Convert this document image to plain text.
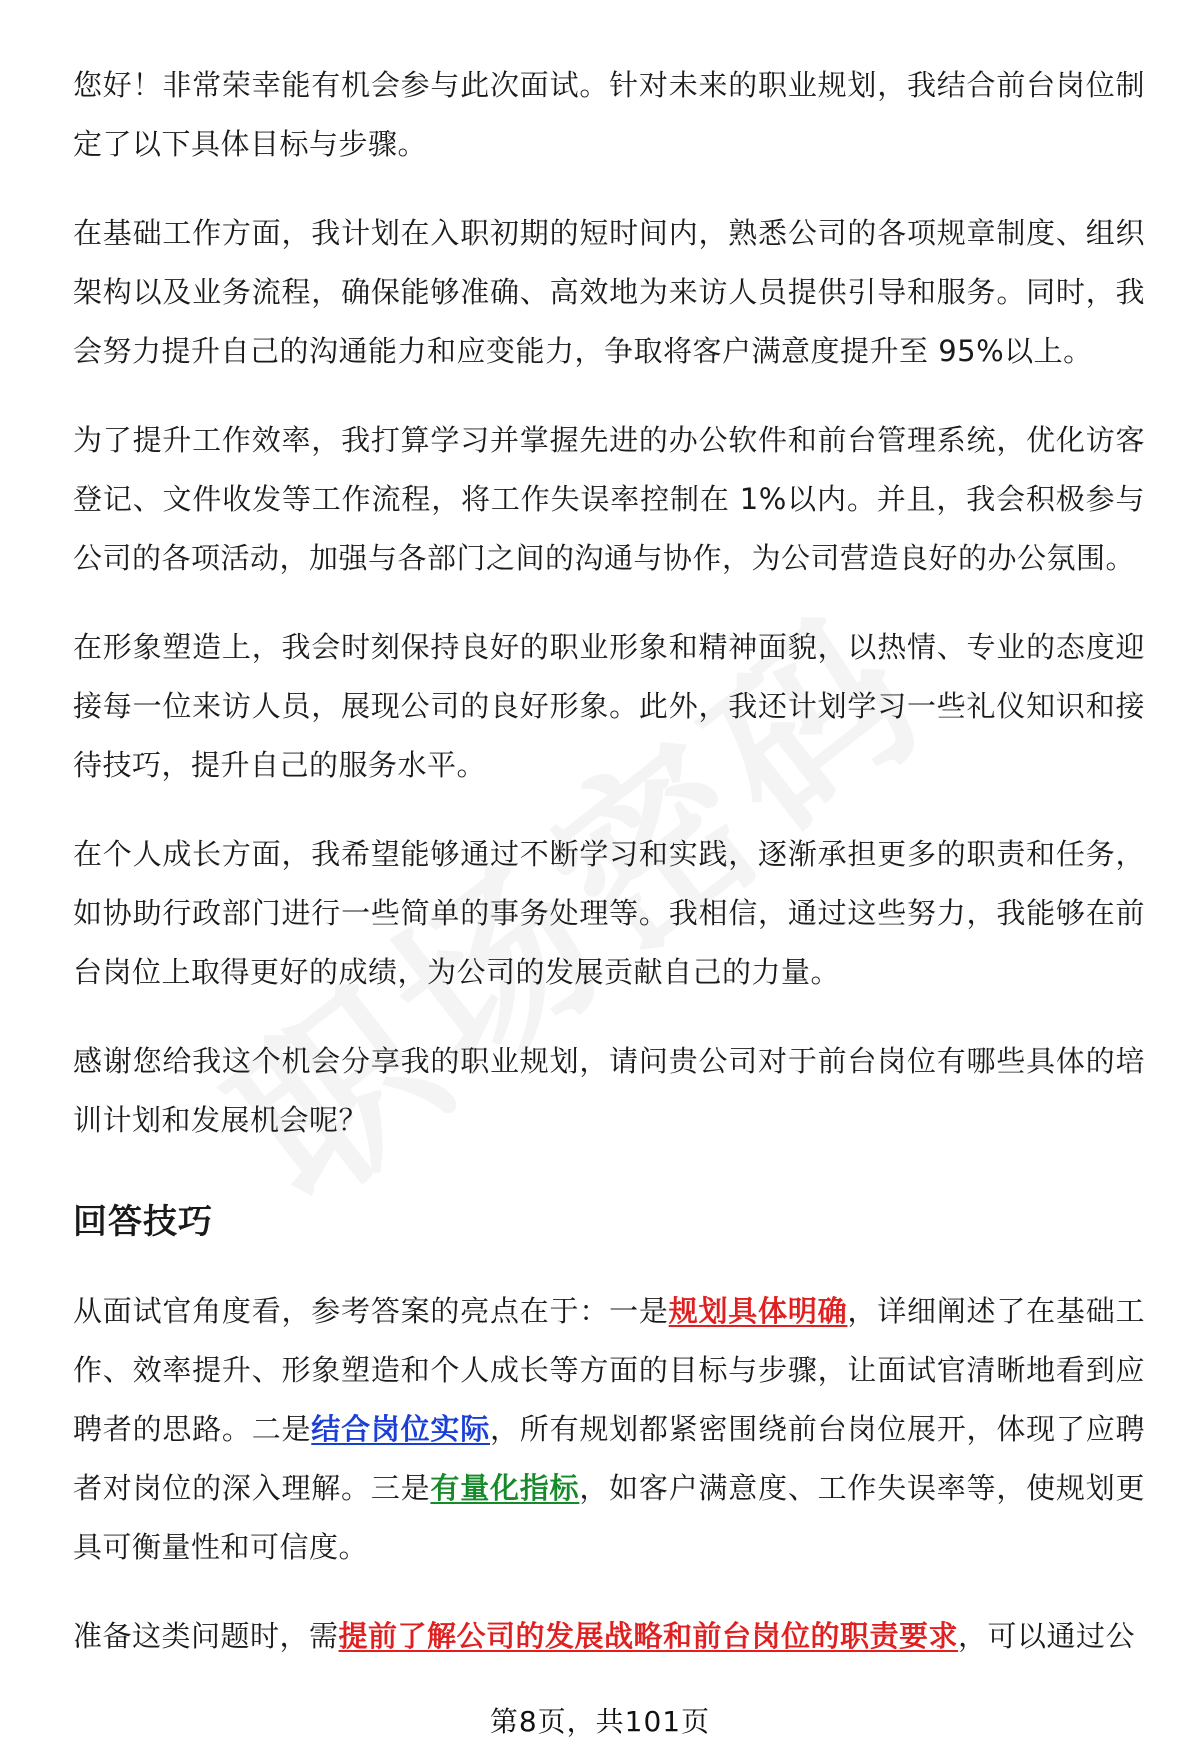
您好！非常荣幸能有机会参与此次面试。针对未来的职业规划，我结合前台岗位制定了以下具体目标与步骤。

在基础工作方面，我计划在入职初期的短时间内，熟悉公司的各项规章制度、组织架构以及业务流程，确保能够准确、高效地为来访人员提供引导和服务。同时，我会努力提升自己的沟通能力和应变能力，争取将客户满意度提升至 95%以上。

为了提升工作效率，我打算学习并掌握先进的办公软件和前台管理系统，优化访客登记、文件收发等工作流程，将工作失误率控制在 1%以内。并且，我会积极参与公司的各项活动，加强与各部门之间的沟通与协作，为公司营造良好的办公氛围。

在形象塑造上，我会时刻保持良好的职业形象和精神面貌，以热情、专业的态度迎接每一位来访人员，展现公司的良好形象。此外，我还计划学习一些礼仪知识和接待技巧，提升自己的服务水平。

在个人成长方面，我希望能够通过不断学习和实践，逐渐承担更多的职责和任务，如协助行政部门进行一些简单的事务处理等。我相信，通过这些努力，我能够在前台岗位上取得更好的成绩，为公司的发展贡献自己的力量。

感谢您给我这个机会分享我的职业规划，请问贵公司对于前台岗位有哪些具体的培训计划和发展机会呢？

回答技巧

从面试官角度看，参考答案的亮点在于：一是规划具体明确，详细阐述了在基础工作、效率提升、形象塑造和个人成长等方面的目标与步骤，让面试官清晰地看到应聘者的思路。二是结合岗位实际，所有规划都紧密围绕前台岗位展开，体现了应聘者对岗位的深入理解。三是有量化指标，如客户满意度、工作失误率等，使规划更具可衡量性和可信度。

准备这类问题时，需提前了解公司的发展战略和前台岗位的职责要求，可以通过公

第8页，共101页
